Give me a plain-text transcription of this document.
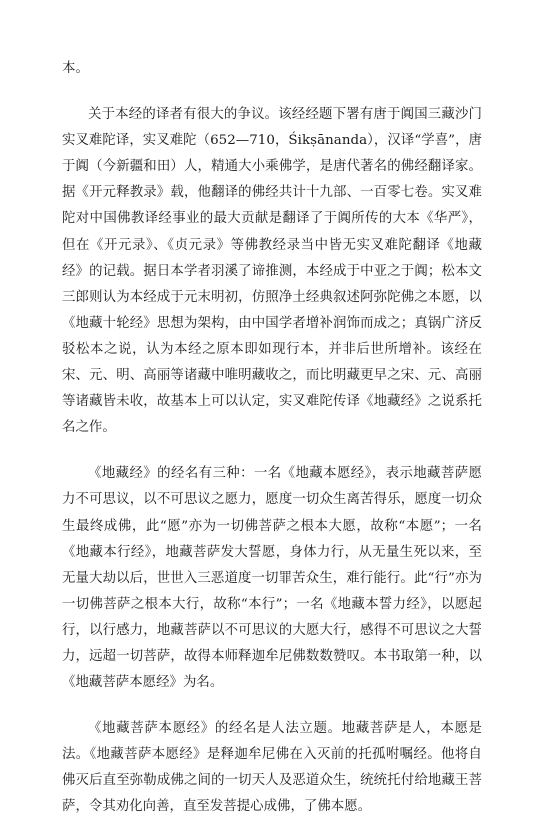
本。

关于本经的译者有很大的争议。该经经题下署有唐于阗国三藏沙门实叉难陀译，实叉难陀（652—710，Śikṣānanda），汉译“学喜”，唐于阗（今新疆和田）人，精通大小乘佛学，是唐代著名的佛经翻译家。据《开元释教录》载，他翻译的佛经共计十九部、一百零七卷。实叉难陀对中国佛教译经事业的最大贡献是翻译了于阗所传的大本《华严》，但在《开元录》、《贞元录》等佛教经录当中皆无实叉难陀翻译《地藏经》的记载。据日本学者羽溪了谛推测，本经成于中亚之于阗；松本文三郎则认为本经成于元末明初，仿照净土经典叙述阿弥陀佛之本愿，以《地藏十轮经》思想为架构，由中国学者增补润饰而成之；真锅广济反驳松本之说，认为本经之原本即如现行本，并非后世所增补。该经在宋、元、明、高丽等诸藏中唯明藏收之，而比明藏更早之宋、元、高丽等诸藏皆未收，故基本上可以认定，实叉难陀传译《地藏经》之说系托名之作。

《地藏经》的经名有三种：一名《地藏本愿经》，表示地藏菩萨愿力不可思议，以不可思议之愿力，愿度一切众生离苦得乐，愿度一切众生最终成佛，此“愿”亦为一切佛菩萨之根本大愿，故称“本愿”；一名《地藏本行经》，地藏菩萨发大誓愿，身体力行，从无量生死以来，至无量大劫以后，世世入三恶道度一切罪苦众生，难行能行。此“行”亦为一切佛菩萨之根本大行，故称“本行”；一名《地藏本誓力经》，以愿起行，以行感力，地藏菩萨以不可思议的大愿大行，感得不可思议之大誓力，远超一切菩萨，故得本师释迦牟尼佛数数赞叹。本书取第一种，以《地藏菩萨本愿经》为名。

《地藏菩萨本愿经》的经名是人法立题。地藏菩萨是人，本愿是法。《地藏菩萨本愿经》是释迦牟尼佛在入灭前的托孤咐嘱经。他将自佛灭后直至弥勒成佛之间的一切天人及恶道众生，统统托付给地藏王菩萨，令其劝化向善，直至发菩提心成佛，了佛本愿。
